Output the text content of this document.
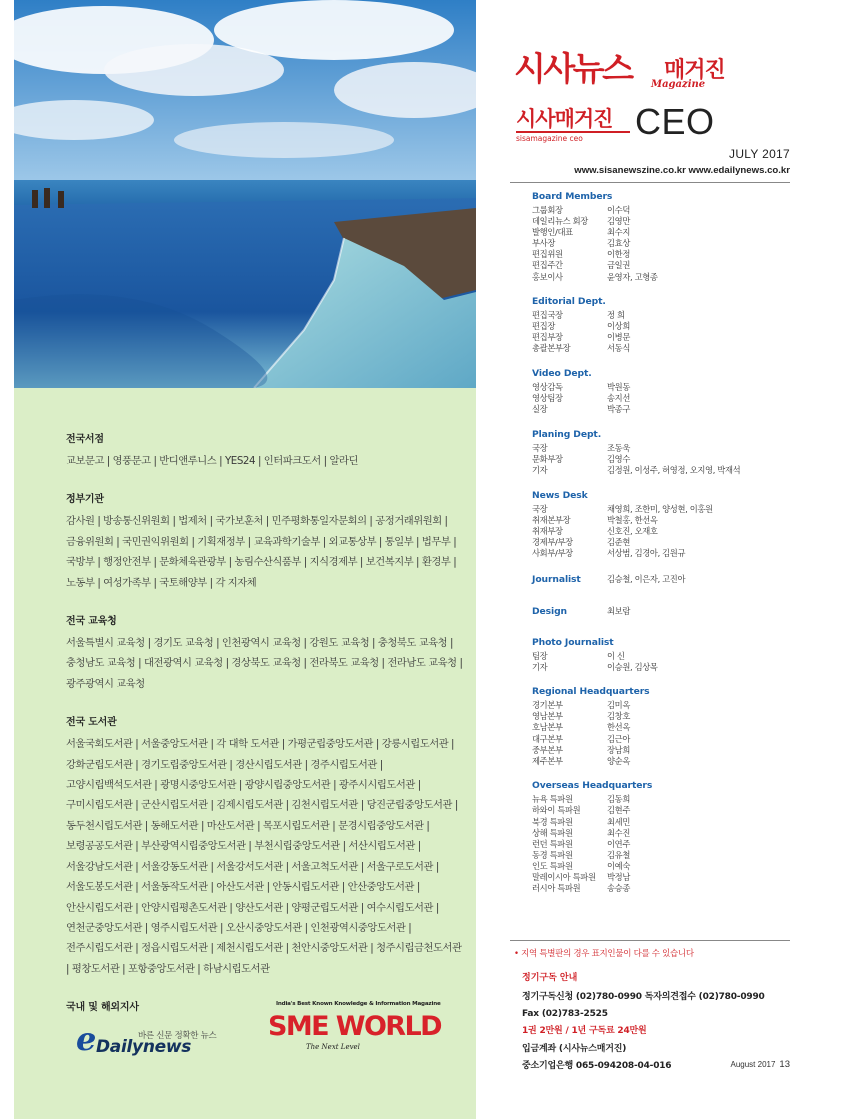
전국서점
교보문고 | 영풍문고 | 반디앤루니스 | YES24 | 인터파크도서 | 알라딘
정부기관
감사원 | 방송통신위원회 | 법제처 | 국가보훈처 | 민주평화통일자문회의 | 공정거래위원회 | 금융위원회 | 국민권익위원회 | 기획재정부 | 교육과학기술부 | 외교통상부 | 통일부 | 법무부 | 국방부 | 행정안전부 | 문화체육관광부 | 농림수산식품부 | 지식경제부 | 보건복지부 | 환경부 | 노동부 | 여성가족부 | 국토해양부 | 각 지자체
전국 교육청
서울특별시 교육청 | 경기도 교육청 | 인천광역시 교육청 | 강원도 교육청 | 충청북도 교육청 | 충청남도 교육청 | 대전광역시 교육청 | 경상북도 교육청 | 전라북도 교육청 | 전라남도 교육청 | 광주광역시 교육청
전국 도서관
서울국회도서관 | 서울중앙도서관 | 각 대학 도서관 | 가평군립중앙도서관 | 강릉시립도서관 | 강화군립도서관 | 경기도립중앙도서관 | 경산시립도서관 | 경주시립도서관 | 고양시립백석도서관 | 광명시중앙도서관 | 광양시립중앙도서관 | 광주시시립도서관 | 구미시립도서관 | 군산시립도서관 | 김제시립도서관 | 김천시립도서관 | 당진군립중앙도서관 | 동두천시립도서관 | 동해도서관 | 마산도서관 | 목포시립도서관 | 문경시립중앙도서관 | 보령공공도서관 | 부산광역시립중앙도서관 | 부천시립중앙도서관 | 서산시립도서관 | 서울강남도서관 | 서울강동도서관 | 서울강서도서관 | 서울고척도서관 | 서울구로도서관 | 서울도봉도서관 | 서울동작도서관 | 아산도서관 | 안동시립도서관 | 안산중앙도서관 | 안산시립도서관 | 안양시립평촌도서관 | 양산도서관 | 양평군립도서관 | 여수시립도서관 | 연천군중앙도서관 | 영주시립도서관 | 오산시중앙도서관 | 인천광역시중앙도서관 | 전주시립도서관 | 정읍시립도서관 | 제천시립도서관 | 천안시중앙도서관 | 청주시립금천도서관 | 평창도서관 | 포항중앙도서관 | 하남시립도서관
국내 및 해외지사
바른 신문 정확한 뉴스
e Dailynews
India's Best Known Knowledge & Information Magazine
SME WORLD
The Next Level
시사뉴스 매거진
Magazine
시사매거진 CEO
sisamagazine ceo
JULY 2017
www.sisanewszine.co.kr www.edailynews.co.kr
Board Members
그룹회장	이수덕
데일리뉴스 회장	김영만
발행인/대표	최수지
부사장	김효상
편집위원	이한정
편집주간	금일권
홍보이사	윤영자, 고형종
Editorial Dept.
편집국장	정 희
편집장	이상희
편집부장	이병문
총괄본부장	서동식
Video Dept.
영상감독	박원동
영상팀장	송지선
실장	박종구
Planing Dept.
국장	조동욱
문화부장	김영수
기자	김정원, 이성주, 허영정, 오지영, 박재석
News Desk
국장	채영희, 조한미, 양성현, 이홍원
취재본부장	박철홍, 한선옥
취재부장	신호진, 오재호
경제부/부장	김준현
사회부/부장	서상범, 김경아, 김원규
Journalist	김승철, 이은자, 고진아
Design	최보람
Photo Journalist
팀장	이 신
기자	이승원, 김상목
Regional Headquarters
경기본부	김미옥
영남본부	김창호
호남본부	한선옥
대구본부	김근아
중부본부	장남희
제주본부	양순옥
Overseas Headquarters
뉴욕 특파원	김동희
하와이 특파원	김현주
북경 특파원	최세민
상해 특파원	최수진
런던 특파원	이연주
동경 특파원	김유철
인도 특파원	이예숙
말레이시아 특파원	박정남
러시아 특파원	송승종
• 지역 특별판의 경우 표지인물이 다를 수 있습니다
정기구독 안내
정기구독신청 (02)780-0990 독자의견접수 (02)780-0990
Fax (02)783-2525
1권 2만원 / 1년 구독료 24만원
입금계좌 (시사뉴스매거진)
중소기업은행 065-094208-04-016	August 2017 13
